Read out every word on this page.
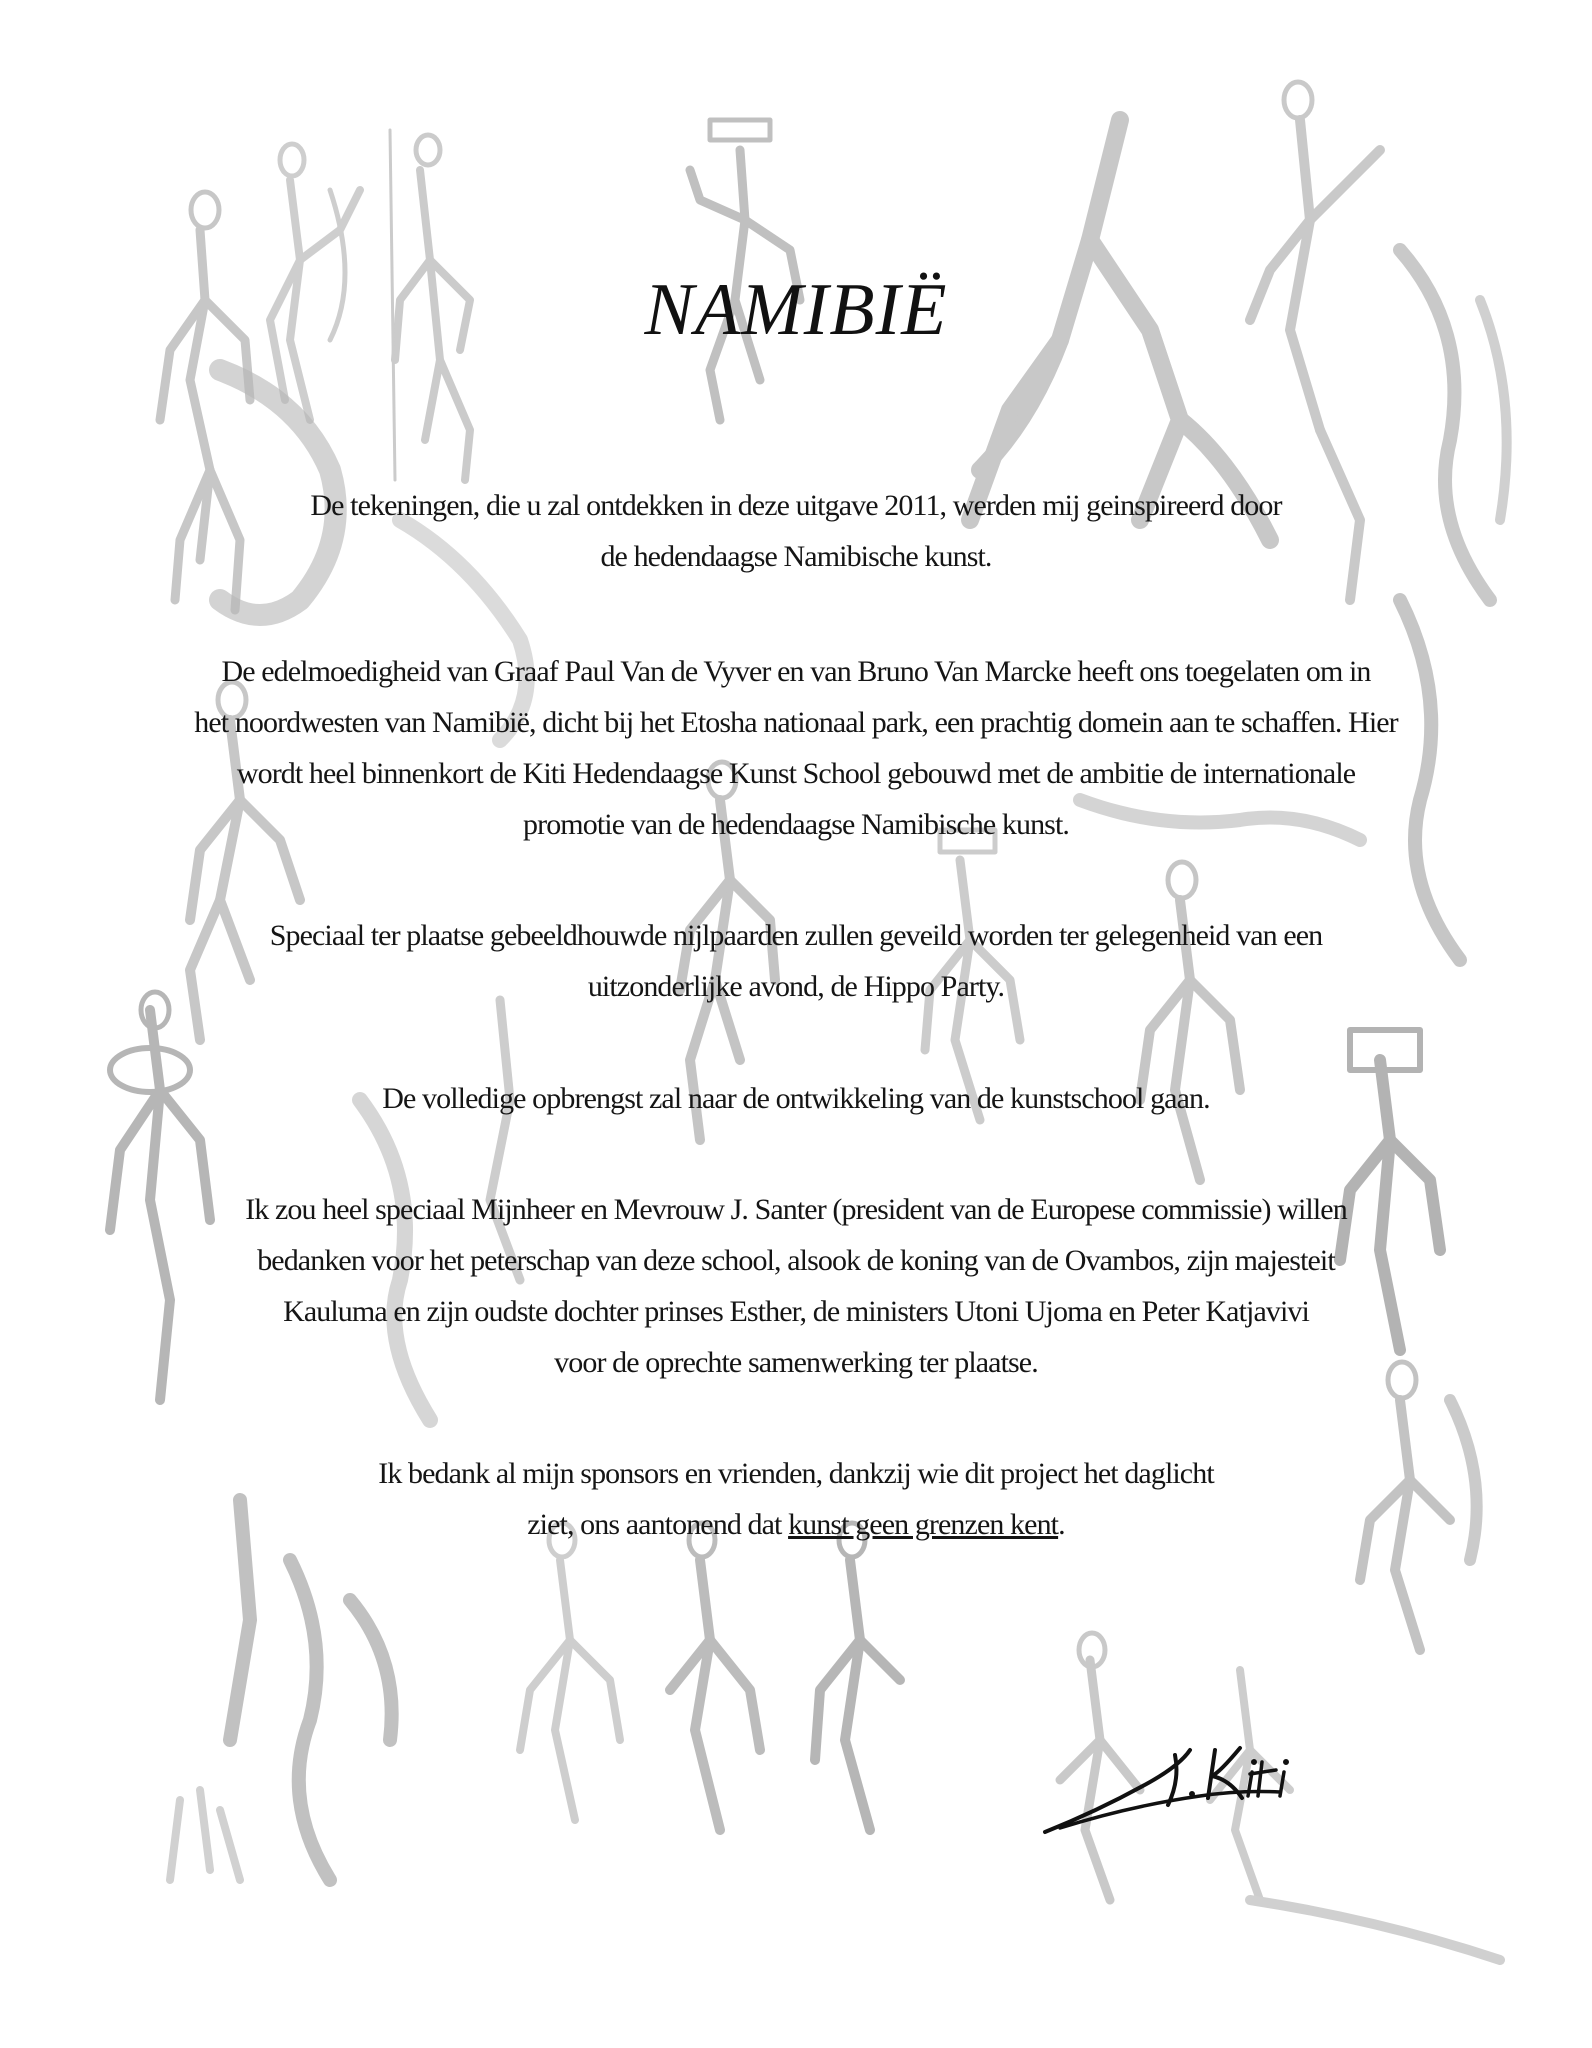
NAMIBIË
De tekeningen, die u zal ontdekken in deze uitgave 2011, werden mij geinspireerd door
de hedendaagse Namibische kunst.
De edelmoedigheid van Graaf Paul Van de Vyver en van Bruno Van Marcke heeft ons toegelaten om in
het noordwesten van Namibië, dicht bij het Etosha nationaal park, een prachtig domein aan te schaffen. Hier
wordt heel binnenkort de Kiti Hedendaagse Kunst School gebouwd met de ambitie de internationale
promotie van de hedendaagse Namibische kunst.
Speciaal ter plaatse gebeeldhouwde nijlpaarden zullen geveild worden ter gelegenheid van een
uitzonderlijke avond, de Hippo Party.
De volledige opbrengst zal naar de ontwikkeling van de kunstschool gaan.
Ik zou heel speciaal Mijnheer en Mevrouw J. Santer (president van de Europese commissie) willen
bedanken voor het peterschap van deze school, alsook de koning van de Ovambos, zijn majesteit
Kauluma en zijn oudste dochter prinses Esther, de ministers Utoni Ujoma en Peter Katjavivi
voor de oprechte samenwerking ter plaatse.
Ik bedank al mijn sponsors en vrienden, dankzij wie dit project het daglicht
ziet, ons aantonend dat kunst geen grenzen kent.
